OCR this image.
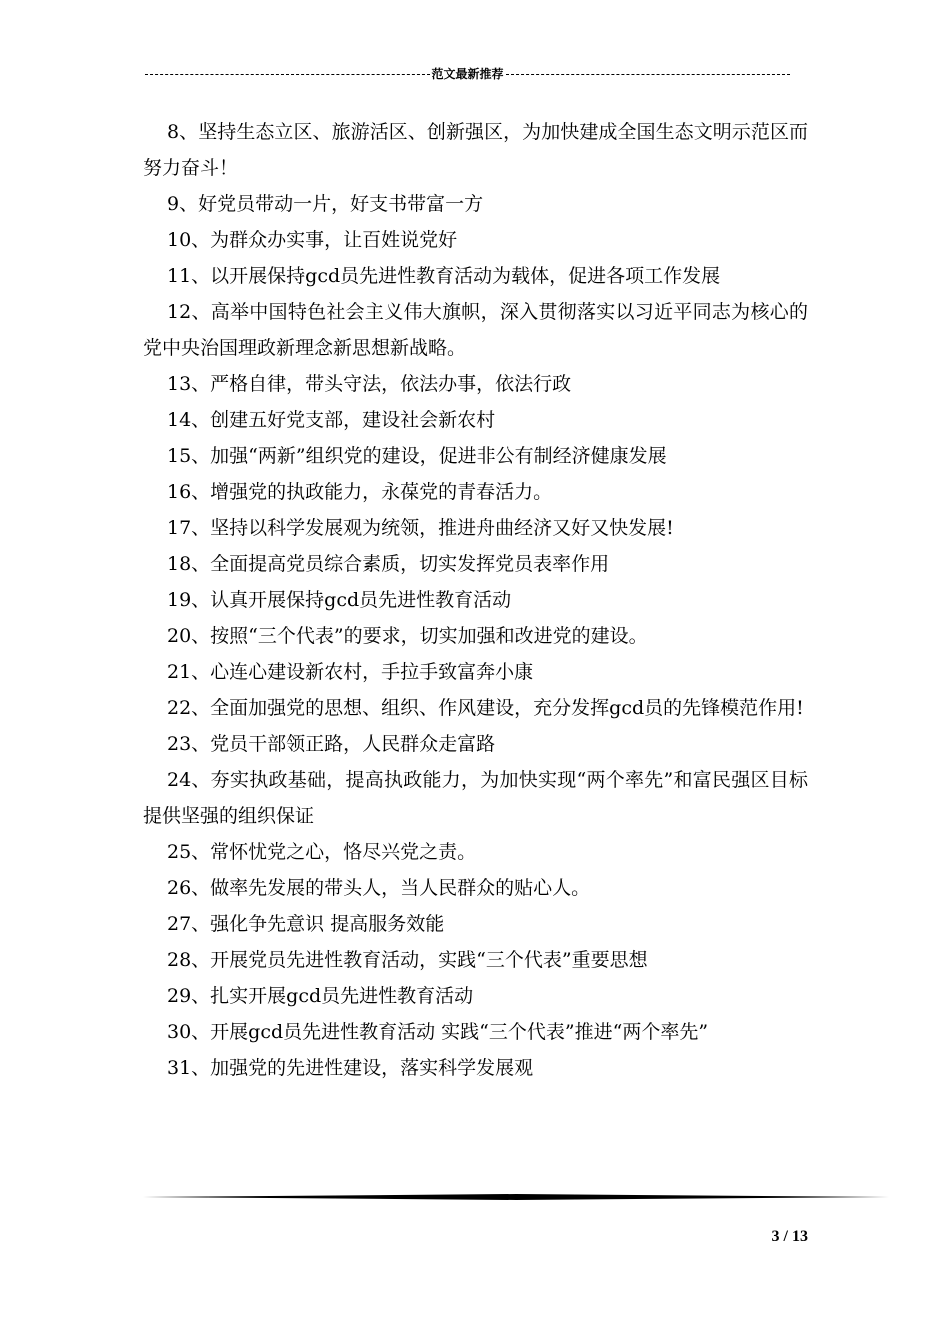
范文最新推荐

8、坚持生态立区、旅游活区、创新强区，为加快建成全国生态文明示范区而努力奋斗！

9、好党员带动一片，好支书带富一方

10、为群众办实事，让百姓说党好

11、以开展保持gcd员先进性教育活动为载体，促进各项工作发展

12、高举中国特色社会主义伟大旗帜，深入贯彻落实以习近平同志为核心的党中央治国理政新理念新思想新战略。

13、严格自律，带头守法，依法办事，依法行政

14、创建五好党支部，建设社会新农村

15、加强“两新”组织党的建设，促进非公有制经济健康发展

16、增强党的执政能力，永葆党的青春活力。

17、坚持以科学发展观为统领，推进舟曲经济又好又快发展!

18、全面提高党员综合素质，切实发挥党员表率作用

19、认真开展保持gcd员先进性教育活动

20、按照“三个代表”的要求，切实加强和改进党的建设。

21、心连心建设新农村，手拉手致富奔小康

22、全面加强党的思想、组织、作风建设，充分发挥gcd员的先锋模范作用!

23、党员干部领正路，人民群众走富路

24、夯实执政基础，提高执政能力，为加快实现“两个率先”和富民强区目标提供坚强的组织保证

25、常怀忧党之心，恪尽兴党之责。

26、做率先发展的带头人，当人民群众的贴心人。

27、强化争先意识 提高服务效能

28、开展党员先进性教育活动，实践“三个代表”重要思想

29、扎实开展gcd员先进性教育活动

30、开展gcd员先进性教育活动 实践“三个代表”推进“两个率先”

31、加强党的先进性建设，落实科学发展观

3 / 13
